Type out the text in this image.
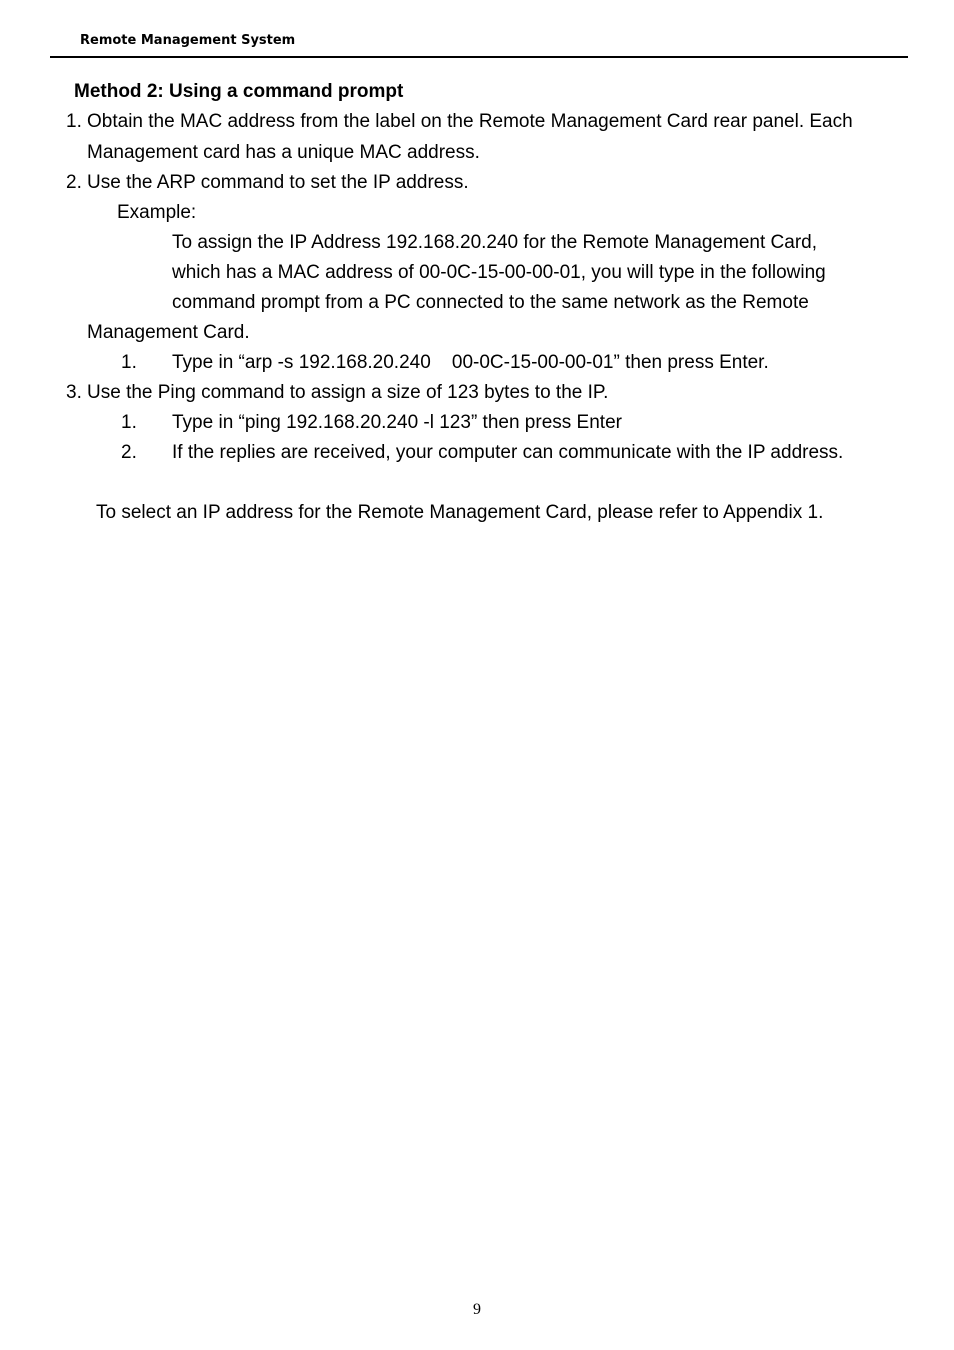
Remote Management System
Method 2: Using a command prompt
1. Obtain the MAC address from the label on the Remote Management Card rear panel. Each
Management card has a unique MAC address.
2. Use the ARP command to set the IP address.
Example:
To assign the IP Address 192.168.20.240 for the Remote Management Card,
which has a MAC address of 00-0C-15-00-00-01, you will type in the following
command prompt from a PC connected to the same network as the Remote
Management Card.
1. Type in “arp -s 192.168.20.240    00-0C-15-00-00-01” then press Enter.
3. Use the Ping command to assign a size of 123 bytes to the IP.
1. Type in “ping 192.168.20.240 -l 123” then press Enter
2. If the replies are received, your computer can communicate with the IP address.
To select an IP address for the Remote Management Card, please refer to Appendix 1.
9
